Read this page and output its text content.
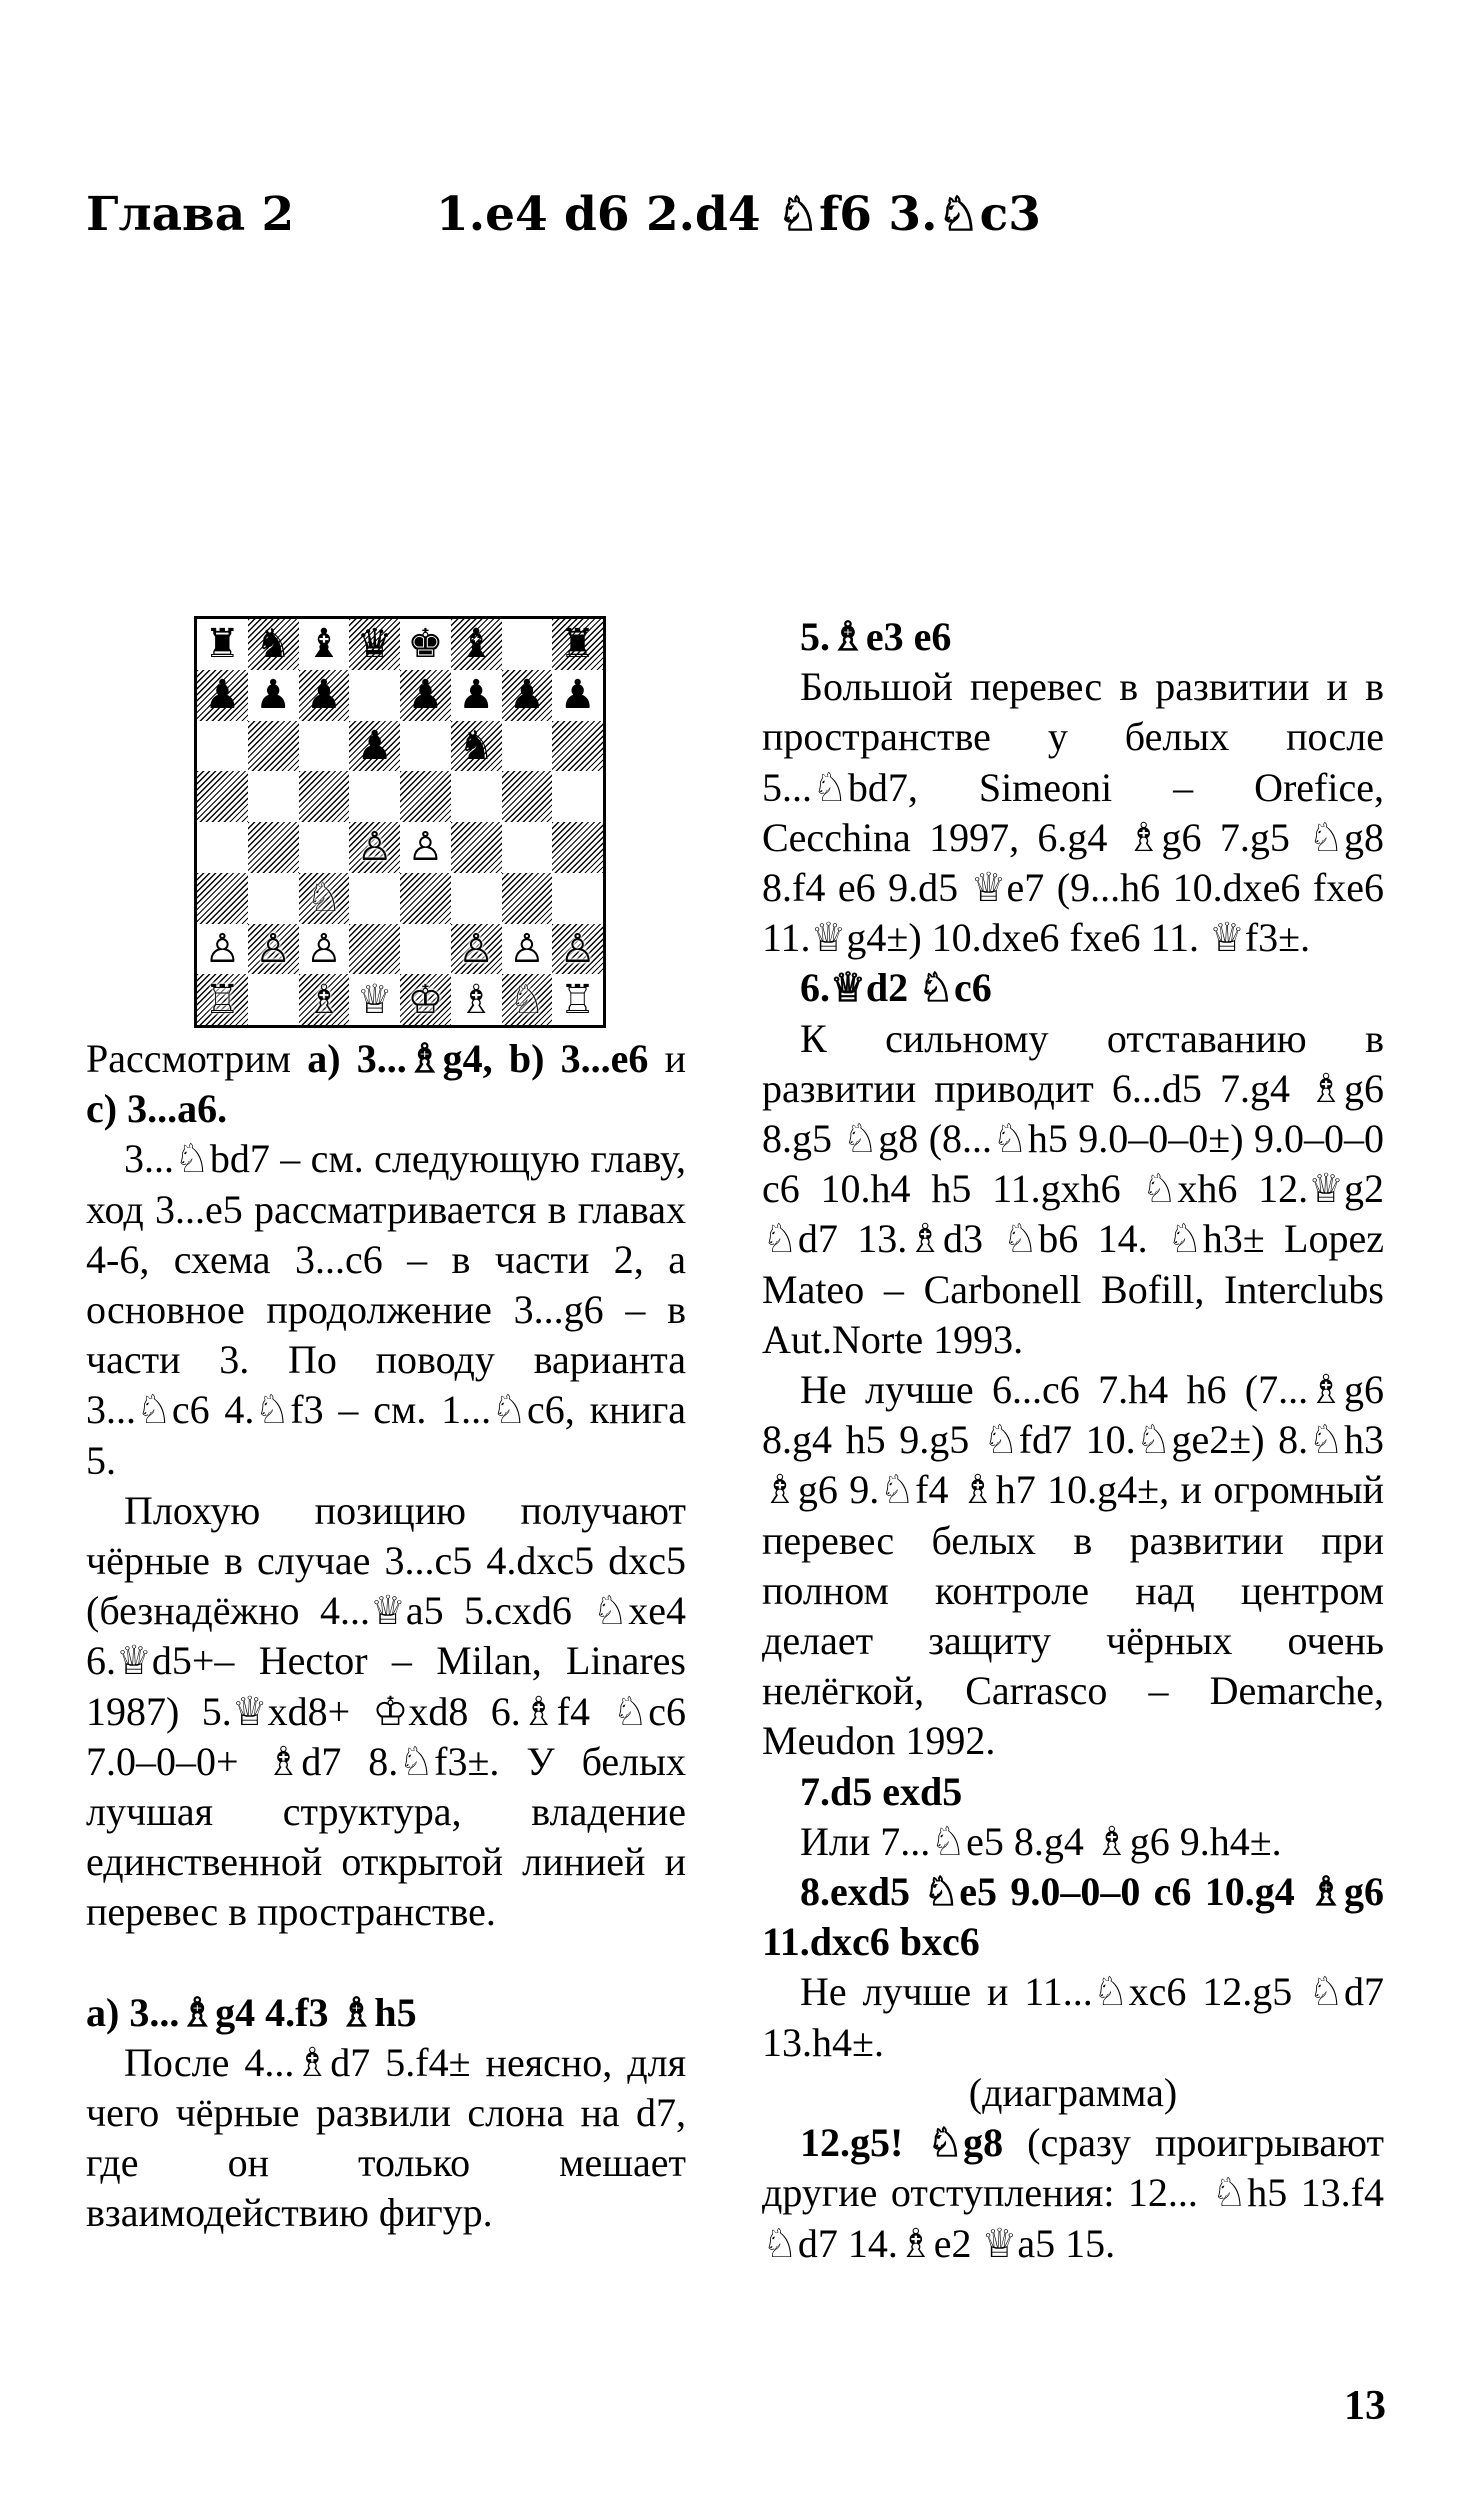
Глава 2	1.e4 d6 2.d4 ♘f6 3.♘c3
♜ ♞ ♝ ♛ ♚ ♝ ♜
♟ ♟ ♟ ♟ ♟ ♟ ♟
♟ ♞
♙ ♙
♘
♙ ♙ ♙	♙ ♙ ♙
♖ ♗ ♕ ♔ ♗ ♘ ♖

Рассмотрим a) 3...♗g4, b) 3...e6 и c) 3...a6.

3...♘bd7 – см. следующую главу, ход 3...e5 рассматривается в главах 4-6, схема 3...c6 – в части 2, а основное продолжение 3...g6 – в части 3. По поводу варианта 3...♘c6 4.♘f3 – см. 1...♘c6, книга 5.

Плохую позицию получают чёрные в случае 3...c5 4.dxc5 dxc5 (безнадёжно 4...♕a5 5.cxd6 ♘xe4 6.♕d5+– Hector – Milan, Linares 1987) 5.♕xd8+ ♔xd8 6.♗f4 ♘c6 7.0–0–0+ ♗d7 8.♘f3±. У белых лучшая структура, владение единственной открытой линией и перевес в пространстве.

a) 3...♗g4 4.f3 ♗h5

После 4...♗d7 5.f4± неясно, для чего чёрные развили слона на d7, где он только мешает взаимодействию фигур.

5.♗e3 e6

Большой перевес в развитии и в пространстве у белых после 5...♘bd7, Simeoni – Orefice, Cecchina 1997, 6.g4 ♗g6 7.g5 ♘g8 8.f4 e6 9.d5 ♕e7 (9...h6 10.dxe6 fxe6 11.♕g4±) 10.dxe6 fxe6 11. ♕f3±.

6.♕d2 ♘c6

К сильному отставанию в развитии приводит 6...d5 7.g4 ♗g6 8.g5 ♘g8 (8...♘h5 9.0–0–0±) 9.0–0–0 c6 10.h4 h5 11.gxh6 ♘xh6 12.♕g2 ♘d7 13.♗d3 ♘b6 14. ♘h3± Lopez Mateo – Carbonell Bofill, Interclubs Aut.Norte 1993.

Не лучше 6...c6 7.h4 h6 (7...♗g6 8.g4 h5 9.g5 ♘fd7 10.♘ge2±) 8.♘h3 ♗g6 9.♘f4 ♗h7 10.g4±, и огромный перевес белых в развитии при полном контроле над центром делает защиту чёрных очень нелёгкой, Carrasco – Demarche, Meudon 1992.

7.d5 exd5

Или 7...♘e5 8.g4 ♗g6 9.h4±.

8.exd5 ♘e5 9.0–0–0 c6 10.g4 ♗g6 11.dxc6 bxc6

Не лучше и 11...♘xc6 12.g5 ♘d7 13.h4±.

(диаграмма)

12.g5! ♘g8 (сразу проигрывают другие отступления: 12... ♘h5 13.f4 ♘d7 14.♗e2 ♕a5 15.

13
